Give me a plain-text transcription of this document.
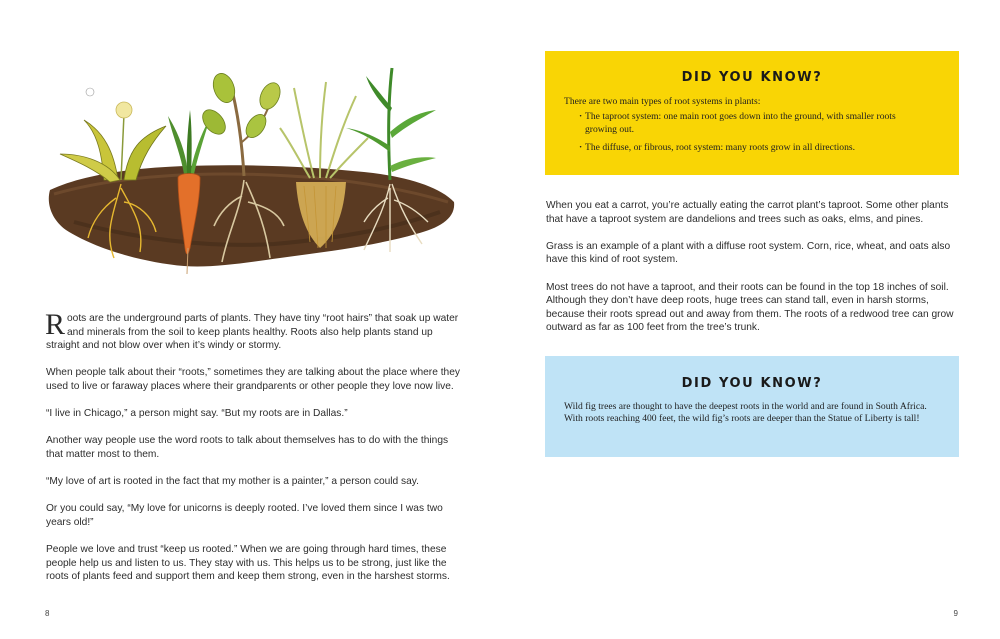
Roots are the underground parts of plants. They have tiny “root hairs” that soak up water and minerals from the soil to keep plants healthy. Roots also help plants stand up straight and not blow over when it’s windy or stormy.

When people talk about their “roots,” sometimes they are talking about the place where they used to live or faraway places where their grandparents or other people they love now live.

“I live in Chicago,” a person might say. “But my roots are in Dallas.”

Another way people use the word roots to talk about themselves has to do with the things that matter most to them.

“My love of art is rooted in the fact that my mother is a painter,” a person could say.

Or you could say, “My love for unicorns is deeply rooted. I’ve loved them since I was two years old!”

People we love and trust “keep us rooted.” When we are going through hard times, these people help us and listen to us. They stay with us. This helps us to be strong, just like the roots of plants feed and support them and keep them strong, even in the harshest storms.

8
DID YOU KNOW?
There are two main types of root systems in plants:
· The taproot system: one main root goes down into the ground, with smaller roots growing out.
· The diffuse, or fibrous, root system: many roots grow in all directions.

When you eat a carrot, you’re actually eating the carrot plant’s taproot. Some other plants that have a taproot system are dandelions and trees such as oaks, elms, and pines.

Grass is an example of a plant with a diffuse root system. Corn, rice, wheat, and oats also have this kind of root system.

Most trees do not have a taproot, and their roots can be found in the top 18 inches of soil. Although they don’t have deep roots, huge trees can stand tall, even in harsh storms, because their roots spread out and away from them. The roots of a redwood tree can grow outward as far as 100 feet from the tree’s trunk.

DID YOU KNOW?
Wild fig trees are thought to have the deepest roots in the world and are found in South Africa. With roots reaching 400 feet, the wild fig’s roots are deeper than the Statue of Liberty is tall!
9
